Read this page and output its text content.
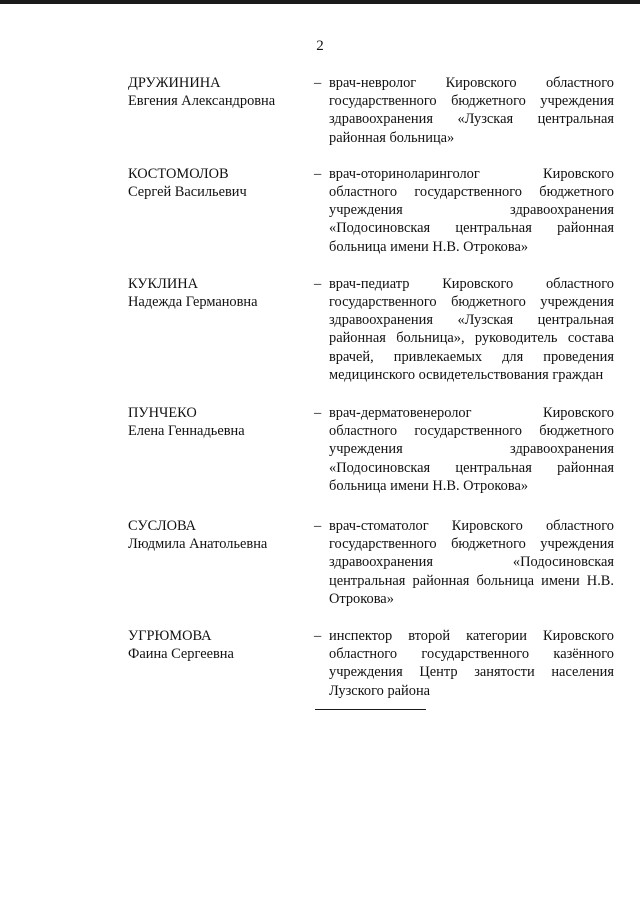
2
ДРУЖИНИНА
Евгения Александровна
– врач-невролог Кировского областного государственного бюджетного учреждения здравоохранения «Лузская центральная районная больница»
КОСТОМОЛОВ
Сергей Васильевич
– врач-оториноларинголог Кировского областного государственного бюджетного учреждения здравоохранения «Подосиновская центральная районная больница имени Н.В. Отрокова»
КУКЛИНА
Надежда Германовна
– врач-педиатр Кировского областного государственного бюджетного учреждения здравоохранения «Лузская центральная районная больница», руководитель состава врачей, привлекаемых для проведения медицинского освидетельствования граждан
ПУНЧЕКО
Елена Геннадьевна
– врач-дерматовенеролог Кировского областного государственного бюджетного учреждения здравоохранения «Подосиновская центральная районная больница имени Н.В. Отрокова»
СУСЛОВА
Людмила Анатольевна
– врач-стоматолог Кировского областного государственного бюджетного учреждения здравоохранения «Подосиновская центральная районная больница имени Н.В. Отрокова»
УГРЮМОВА
Фаина Сергеевна
– инспектор второй категории Кировского областного государственного казённого учреждения Центр занятости населения Лузского района
